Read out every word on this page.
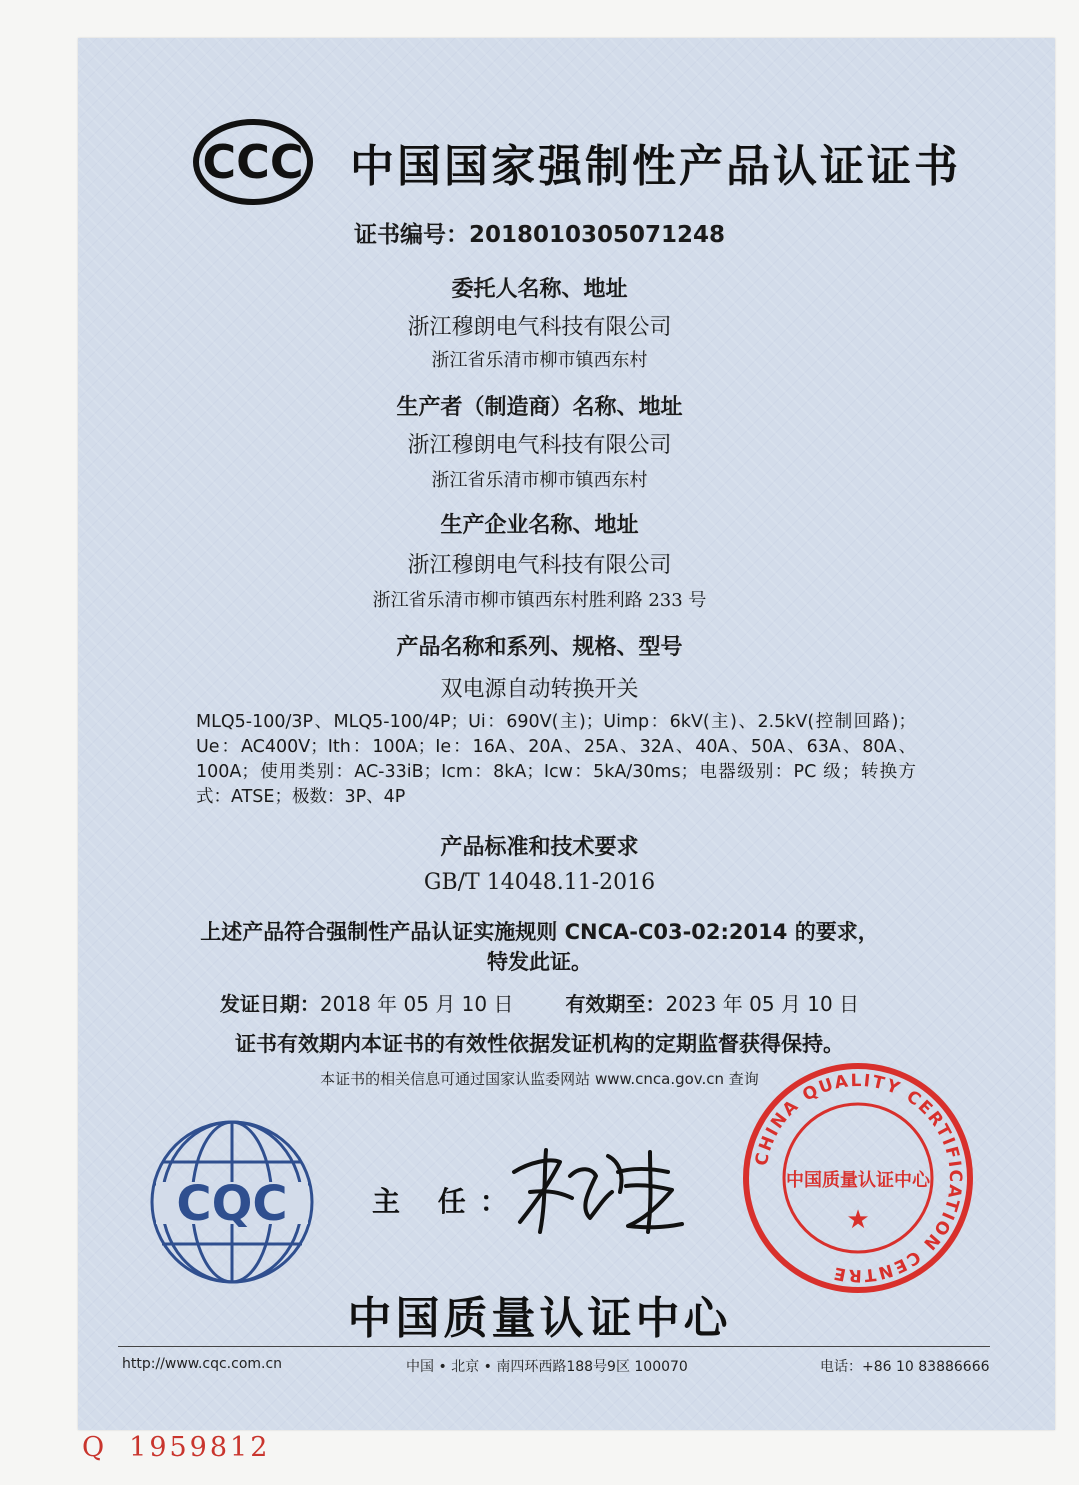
CCC 中国国家强制性产品认证证书
证书编号：2018010305071248
委托人名称、地址
浙江穆朗电气科技有限公司
浙江省乐清市柳市镇西东村
生产者（制造商）名称、地址
浙江穆朗电气科技有限公司
浙江省乐清市柳市镇西东村
生产企业名称、地址
浙江穆朗电气科技有限公司
浙江省乐清市柳市镇西东村胜利路 233 号
产品名称和系列、规格、型号
双电源自动转换开关
MLQ5-100/3P、MLQ5-100/4P；Ui：690V(主)；Uimp：6kV(主)、2.5kV(控制回路)；Ue：AC400V；Ith：100A；Ie：16A、20A、25A、32A、40A、50A、63A、80A、100A；使用类别：AC-33iB；Icm：8kA；Icw：5kA/30ms；电器级别：PC 级；转换方式：ATSE；极数：3P、4P
产品标准和技术要求
GB/T 14048.11-2016
上述产品符合强制性产品认证实施规则 CNCA-C03-02:2014 的要求，
特发此证。
发证日期：2018 年 05 月 10 日	有效期至：2023 年 05 月 10 日
证书有效期内本证书的有效性依据发证机构的定期监督获得保持。
本证书的相关信息可通过国家认监委网站 www.cnca.gov.cn 查询
CQC	主 任：
CHINA QUALITY CERTIFICATION CENTRE
中国质量认证中心
★
中国质量认证中心
http://www.cqc.com.cn	中国 • 北京 • 南四环西路188号9区 100070	电话：+86 10 83886666
Q 1959812
